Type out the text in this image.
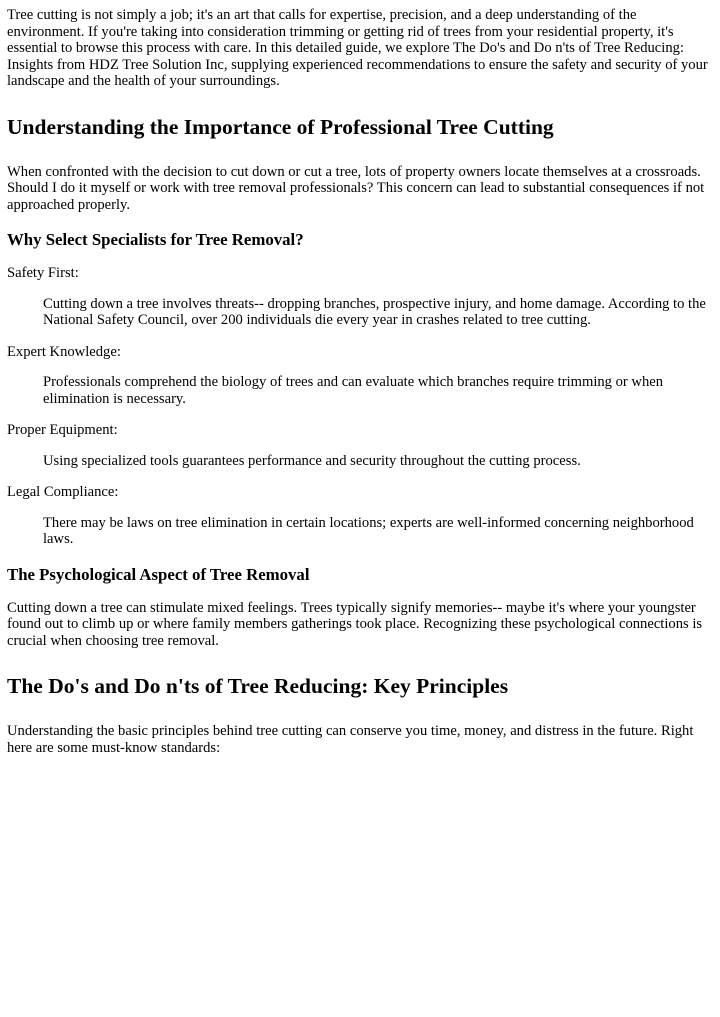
Tree cutting is not simply a job; it's an art that calls for expertise, precision, and a deep understanding of the environment. If you're taking into consideration trimming or getting rid of trees from your residential property, it's essential to browse this process with care. In this detailed guide, we explore The Do's and Do n'ts of Tree Reducing: Insights from HDZ Tree Solution Inc, supplying experienced recommendations to ensure the safety and security of your landscape and the health of your surroundings.

Understanding the Importance of Professional Tree Cutting

When confronted with the decision to cut down or cut a tree, lots of property owners locate themselves at a crossroads. Should I do it myself or work with tree removal professionals? This concern can lead to substantial consequences if not approached properly.

Why Select Specialists for Tree Removal?

Safety First:

Cutting down a tree involves threats-- dropping branches, prospective injury, and home damage. According to the National Safety Council, over 200 individuals die every year in crashes related to tree cutting.

Expert Knowledge:

Professionals comprehend the biology of trees and can evaluate which branches require trimming or when elimination is necessary.

Proper Equipment:

Using specialized tools guarantees performance and security throughout the cutting process.

Legal Compliance:

There may be laws on tree elimination in certain locations; experts are well-informed concerning neighborhood laws.

The Psychological Aspect of Tree Removal

Cutting down a tree can stimulate mixed feelings. Trees typically signify memories-- maybe it's where your youngster found out to climb up or where family members gatherings took place. Recognizing these psychological connections is crucial when choosing tree removal.

The Do's and Do n'ts of Tree Reducing: Key Principles

Understanding the basic principles behind tree cutting can conserve you time, money, and distress in the future. Right here are some must-know standards:
